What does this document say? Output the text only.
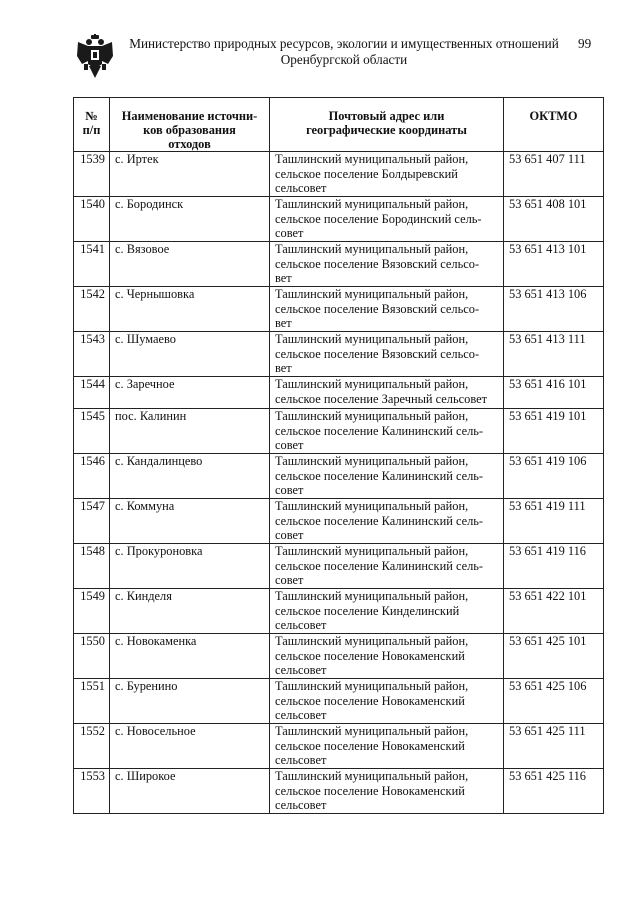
Министерство природных ресурсов, экологии и имущественных отношений
Оренбургской области
99
№
п/п	Наименование источни-
ков образования
отходов	Почтовый адрес или
географические координаты	ОКТМО
1539	с. Иртек	Ташлинский муниципальный район,
сельское поселение Болдыревский
сельсовет	53 651 407 111
1540	с. Бородинск	Ташлинский муниципальный район,
сельское поселение Бородинский сель-
совет	53 651 408 101
1541	с. Вязовое	Ташлинский муниципальный район,
сельское поселение Вязовский сельсо-
вет	53 651 413 101
1542	с. Чернышовка	Ташлинский муниципальный район,
сельское поселение Вязовский сельсо-
вет	53 651 413 106
1543	с. Шумаево	Ташлинский муниципальный район,
сельское поселение Вязовский сельсо-
вет	53 651 413 111
1544	с. Заречное	Ташлинский муниципальный район,
сельское поселение Заречный сельсовет	53 651 416 101
1545	пос. Калинин	Ташлинский муниципальный район,
сельское поселение Калининский сель-
совет	53 651 419 101
1546	с. Кандалинцево	Ташлинский муниципальный район,
сельское поселение Калининский сель-
совет	53 651 419 106
1547	с. Коммуна	Ташлинский муниципальный район,
сельское поселение Калининский сель-
совет	53 651 419 111
1548	с. Прокуроновка	Ташлинский муниципальный район,
сельское поселение Калининский сель-
совет	53 651 419 116
1549	с. Кинделя	Ташлинский муниципальный район,
сельское поселение Кинделинский
сельсовет	53 651 422 101
1550	с. Новокаменка	Ташлинский муниципальный район,
сельское поселение Новокаменский
сельсовет	53 651 425 101
1551	с. Буренино	Ташлинский муниципальный район,
сельское поселение Новокаменский
сельсовет	53 651 425 106
1552	с. Новосельное	Ташлинский муниципальный район,
сельское поселение Новокаменский
сельсовет	53 651 425 111
1553	с. Широкое	Ташлинский муниципальный район,
сельское поселение Новокаменский
сельсовет	53 651 425 116
